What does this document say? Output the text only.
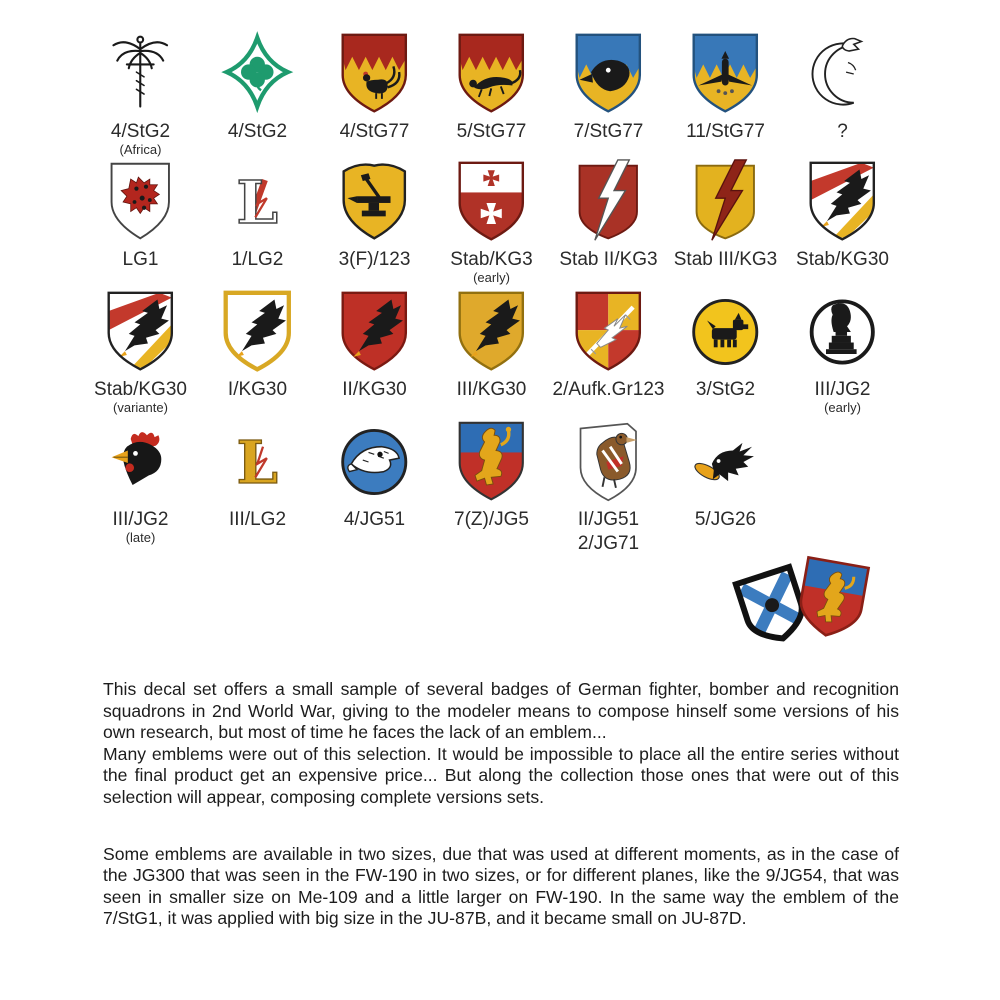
4/StG2
(Africa)
4/StG2	4/StG77 5/StG77 7/StG77 11/StG77	?
LG1
L
1/LG2	3(F)/123 Stab/KG3
(early)
Stab II/KG3 Stab III/KG3 Stab/KG30
Stab/KG30
(variante)
I/KG30	II/KG30	III/KG30 2/Aufk.Gr123 3/StG2	III/JG2
(early)
III/JG2
(late)
L
III/LG2	4/JG51	7(Z)/JG5	II/JG51
2/JG71
5/JG26

This decal set offers a small sample of several badges of German fighter, bomber and recognition squadrons in 2nd World War, giving to the modeler means to compose hinself some versions of his own research, but most of time he faces the lack of an emblem...

Many emblems were out of this selection. It would be impossible to place all the entire series without the final product get an expensive price... But along the collection those ones that were out of this selection will appear, composing complete versions sets.

Some emblems are available in two sizes, due that was used at different moments, as in the case of the JG300 that was seen in the FW-190 in two sizes, or for different planes, like the 9/JG54, that was seen in smaller size on Me-109 and a little larger on FW-190. In the same way the emblem of the 7/StG1, it was applied with big size in the JU-87B, and it became small on JU-87D.
